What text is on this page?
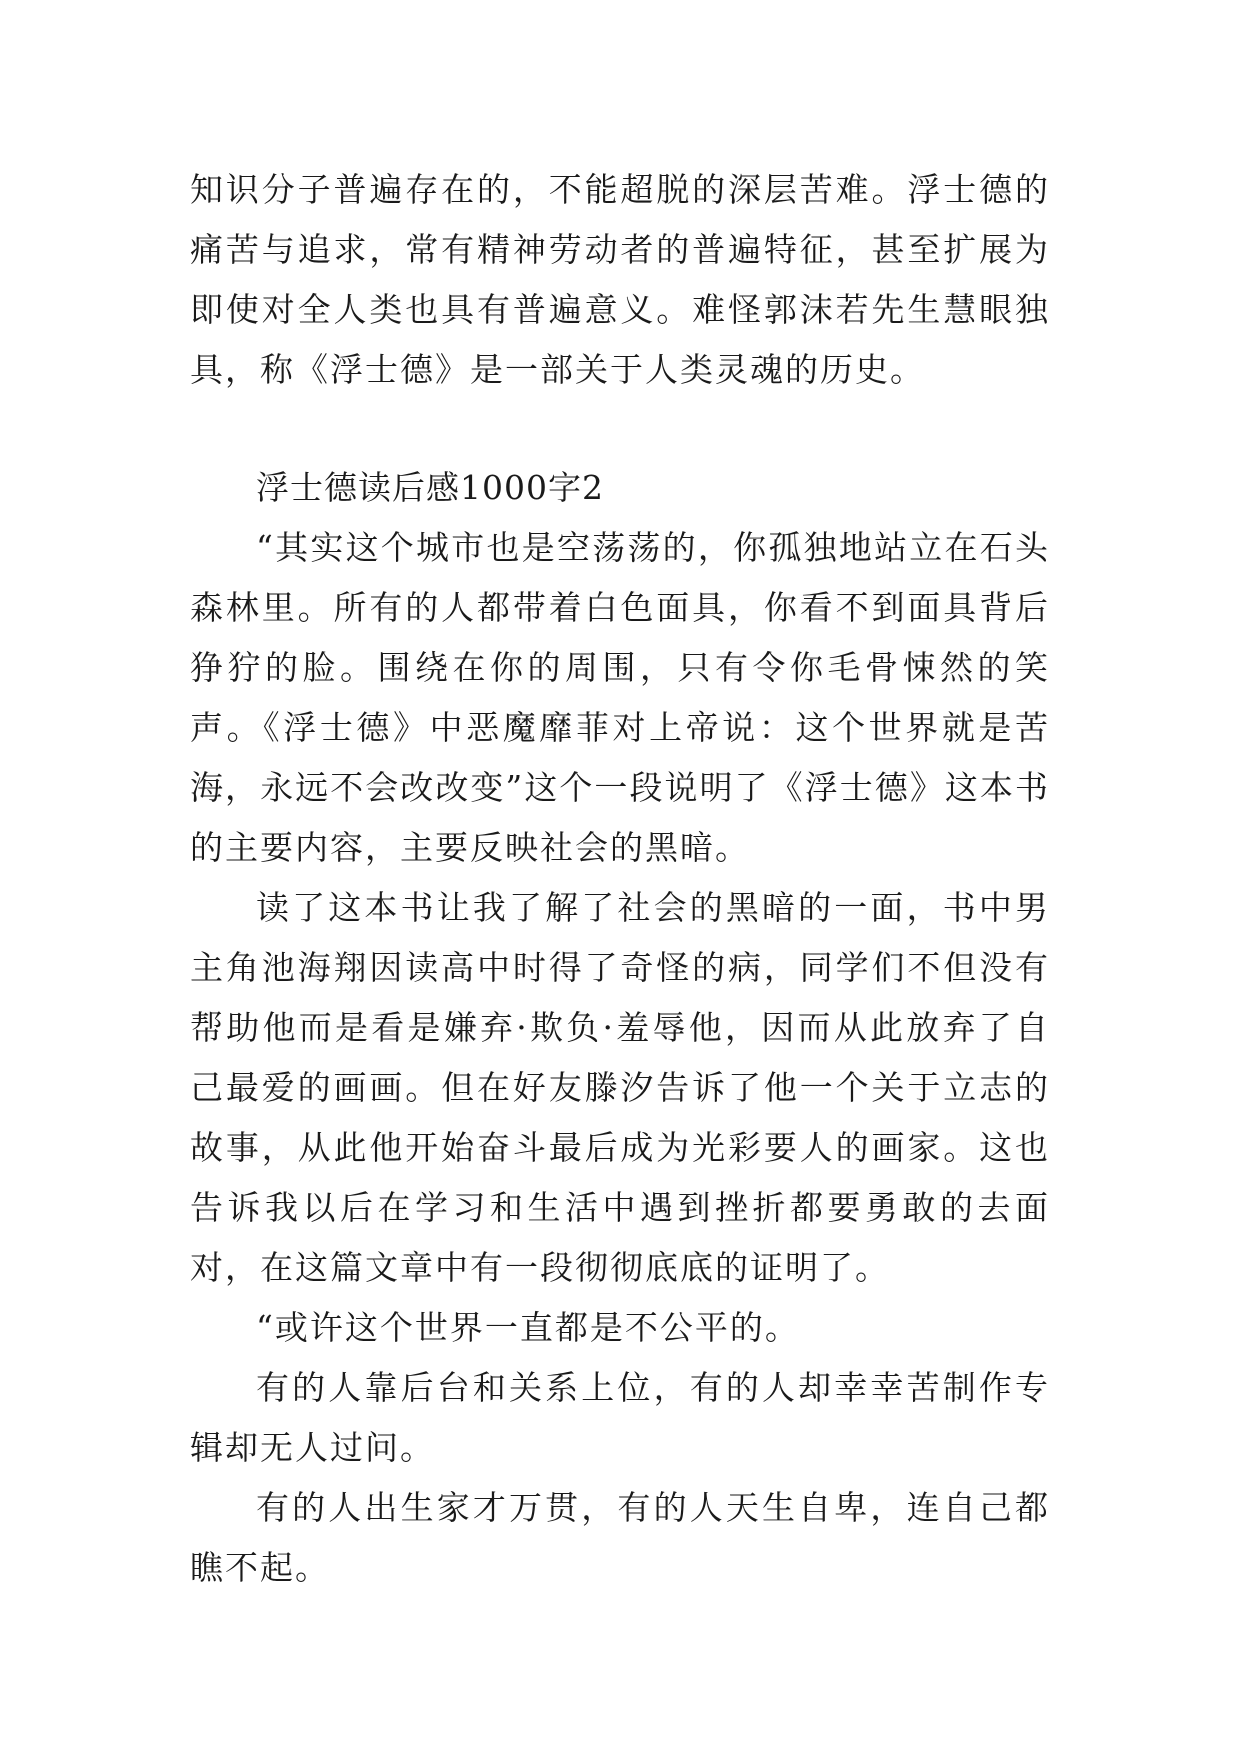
知识分子普遍存在的，不能超脱的深层苦难。浮士德的痛苦与追求，常有精神劳动者的普遍特征，甚至扩展为即使对全人类也具有普遍意义。难怪郭沫若先生慧眼独具，称《浮士德》是一部关于人类灵魂的历史。

浮士德读后感1000字2

“其实这个城市也是空荡荡的，你孤独地站立在石头森林里。所有的人都带着白色面具，你看不到面具背后狰狞的脸。围绕在你的周围，只有令你毛骨悚然的笑声。《浮士德》中恶魔靡菲对上帝说：这个世界就是苦海，永远不会改改变”这个一段说明了《浮士德》这本书的主要内容，主要反映社会的黑暗。

读了这本书让我了解了社会的黑暗的一面，书中男主角池海翔因读高中时得了奇怪的病，同学们不但没有帮助他而是看是嫌弃·欺负·羞辱他，因而从此放弃了自己最爱的画画。但在好友滕汐告诉了他一个关于立志的故事，从此他开始奋斗最后成为光彩要人的画家。这也告诉我以后在学习和生活中遇到挫折都要勇敢的去面对，在这篇文章中有一段彻彻底底的证明了。

“或许这个世界一直都是不公平的。

有的人靠后台和关系上位，有的人却幸幸苦制作专辑却无人过问。

有的人出生家才万贯，有的人天生自卑，连自己都瞧不起。
